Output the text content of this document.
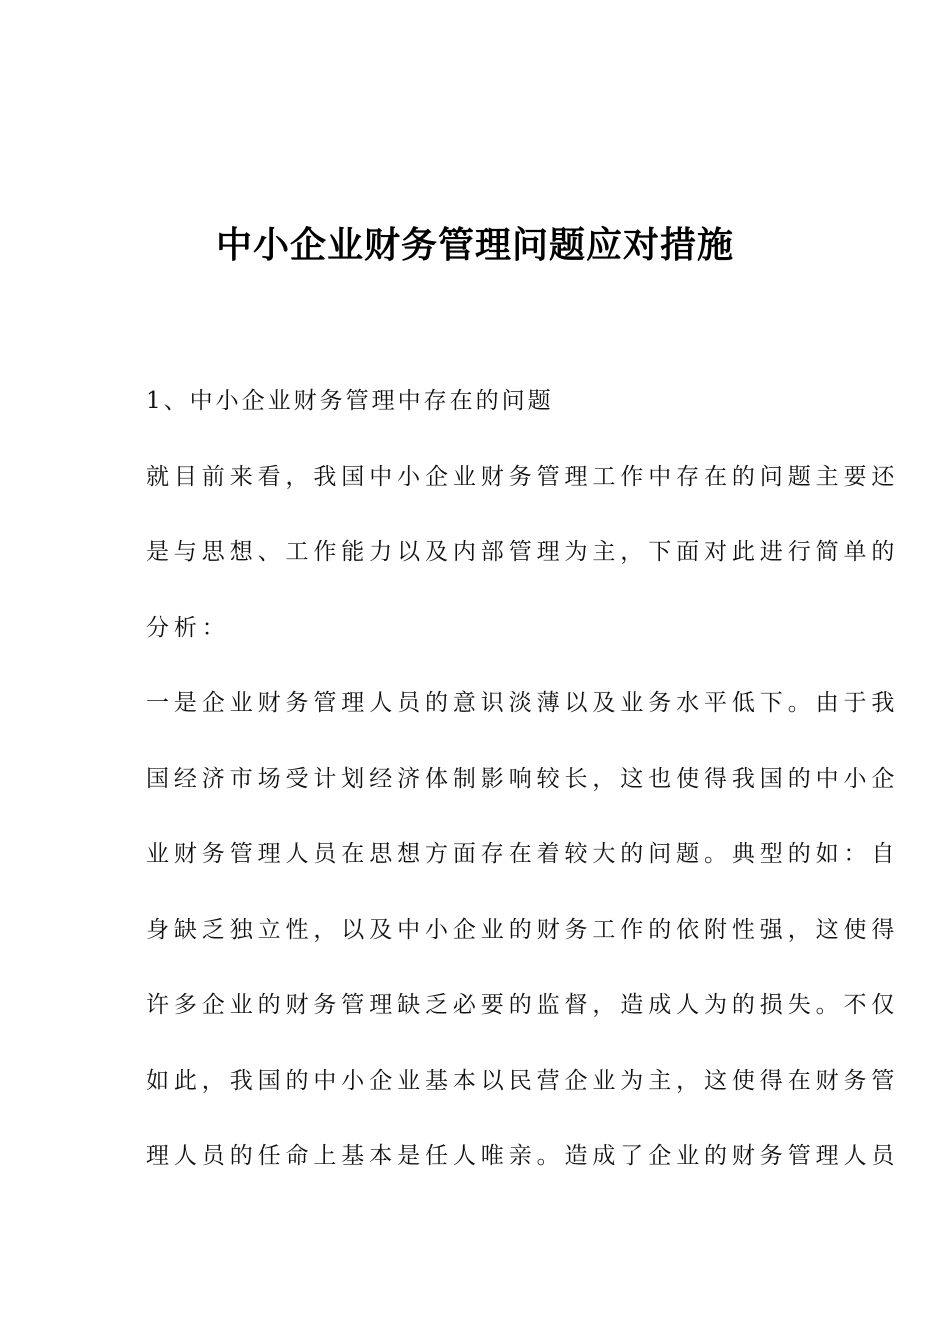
中小企业财务管理问题应对措施
1、中小企业财务管理中存在的问题
就目前来看，我国中小企业财务管理工作中存在的问题主要还
是与思想、工作能力以及内部管理为主，下面对此进行简单的
分析：
一是企业财务管理人员的意识淡薄以及业务水平低下。由于我
国经济市场受计划经济体制影响较长，这也使得我国的中小企
业财务管理人员在思想方面存在着较大的问题。典型的如：自
身缺乏独立性，以及中小企业的财务工作的依附性强，这使得
许多企业的财务管理缺乏必要的监督，造成人为的损失。不仅
如此，我国的中小企业基本以民营企业为主，这使得在财务管
理人员的任命上基本是任人唯亲。造成了企业的财务管理人员
